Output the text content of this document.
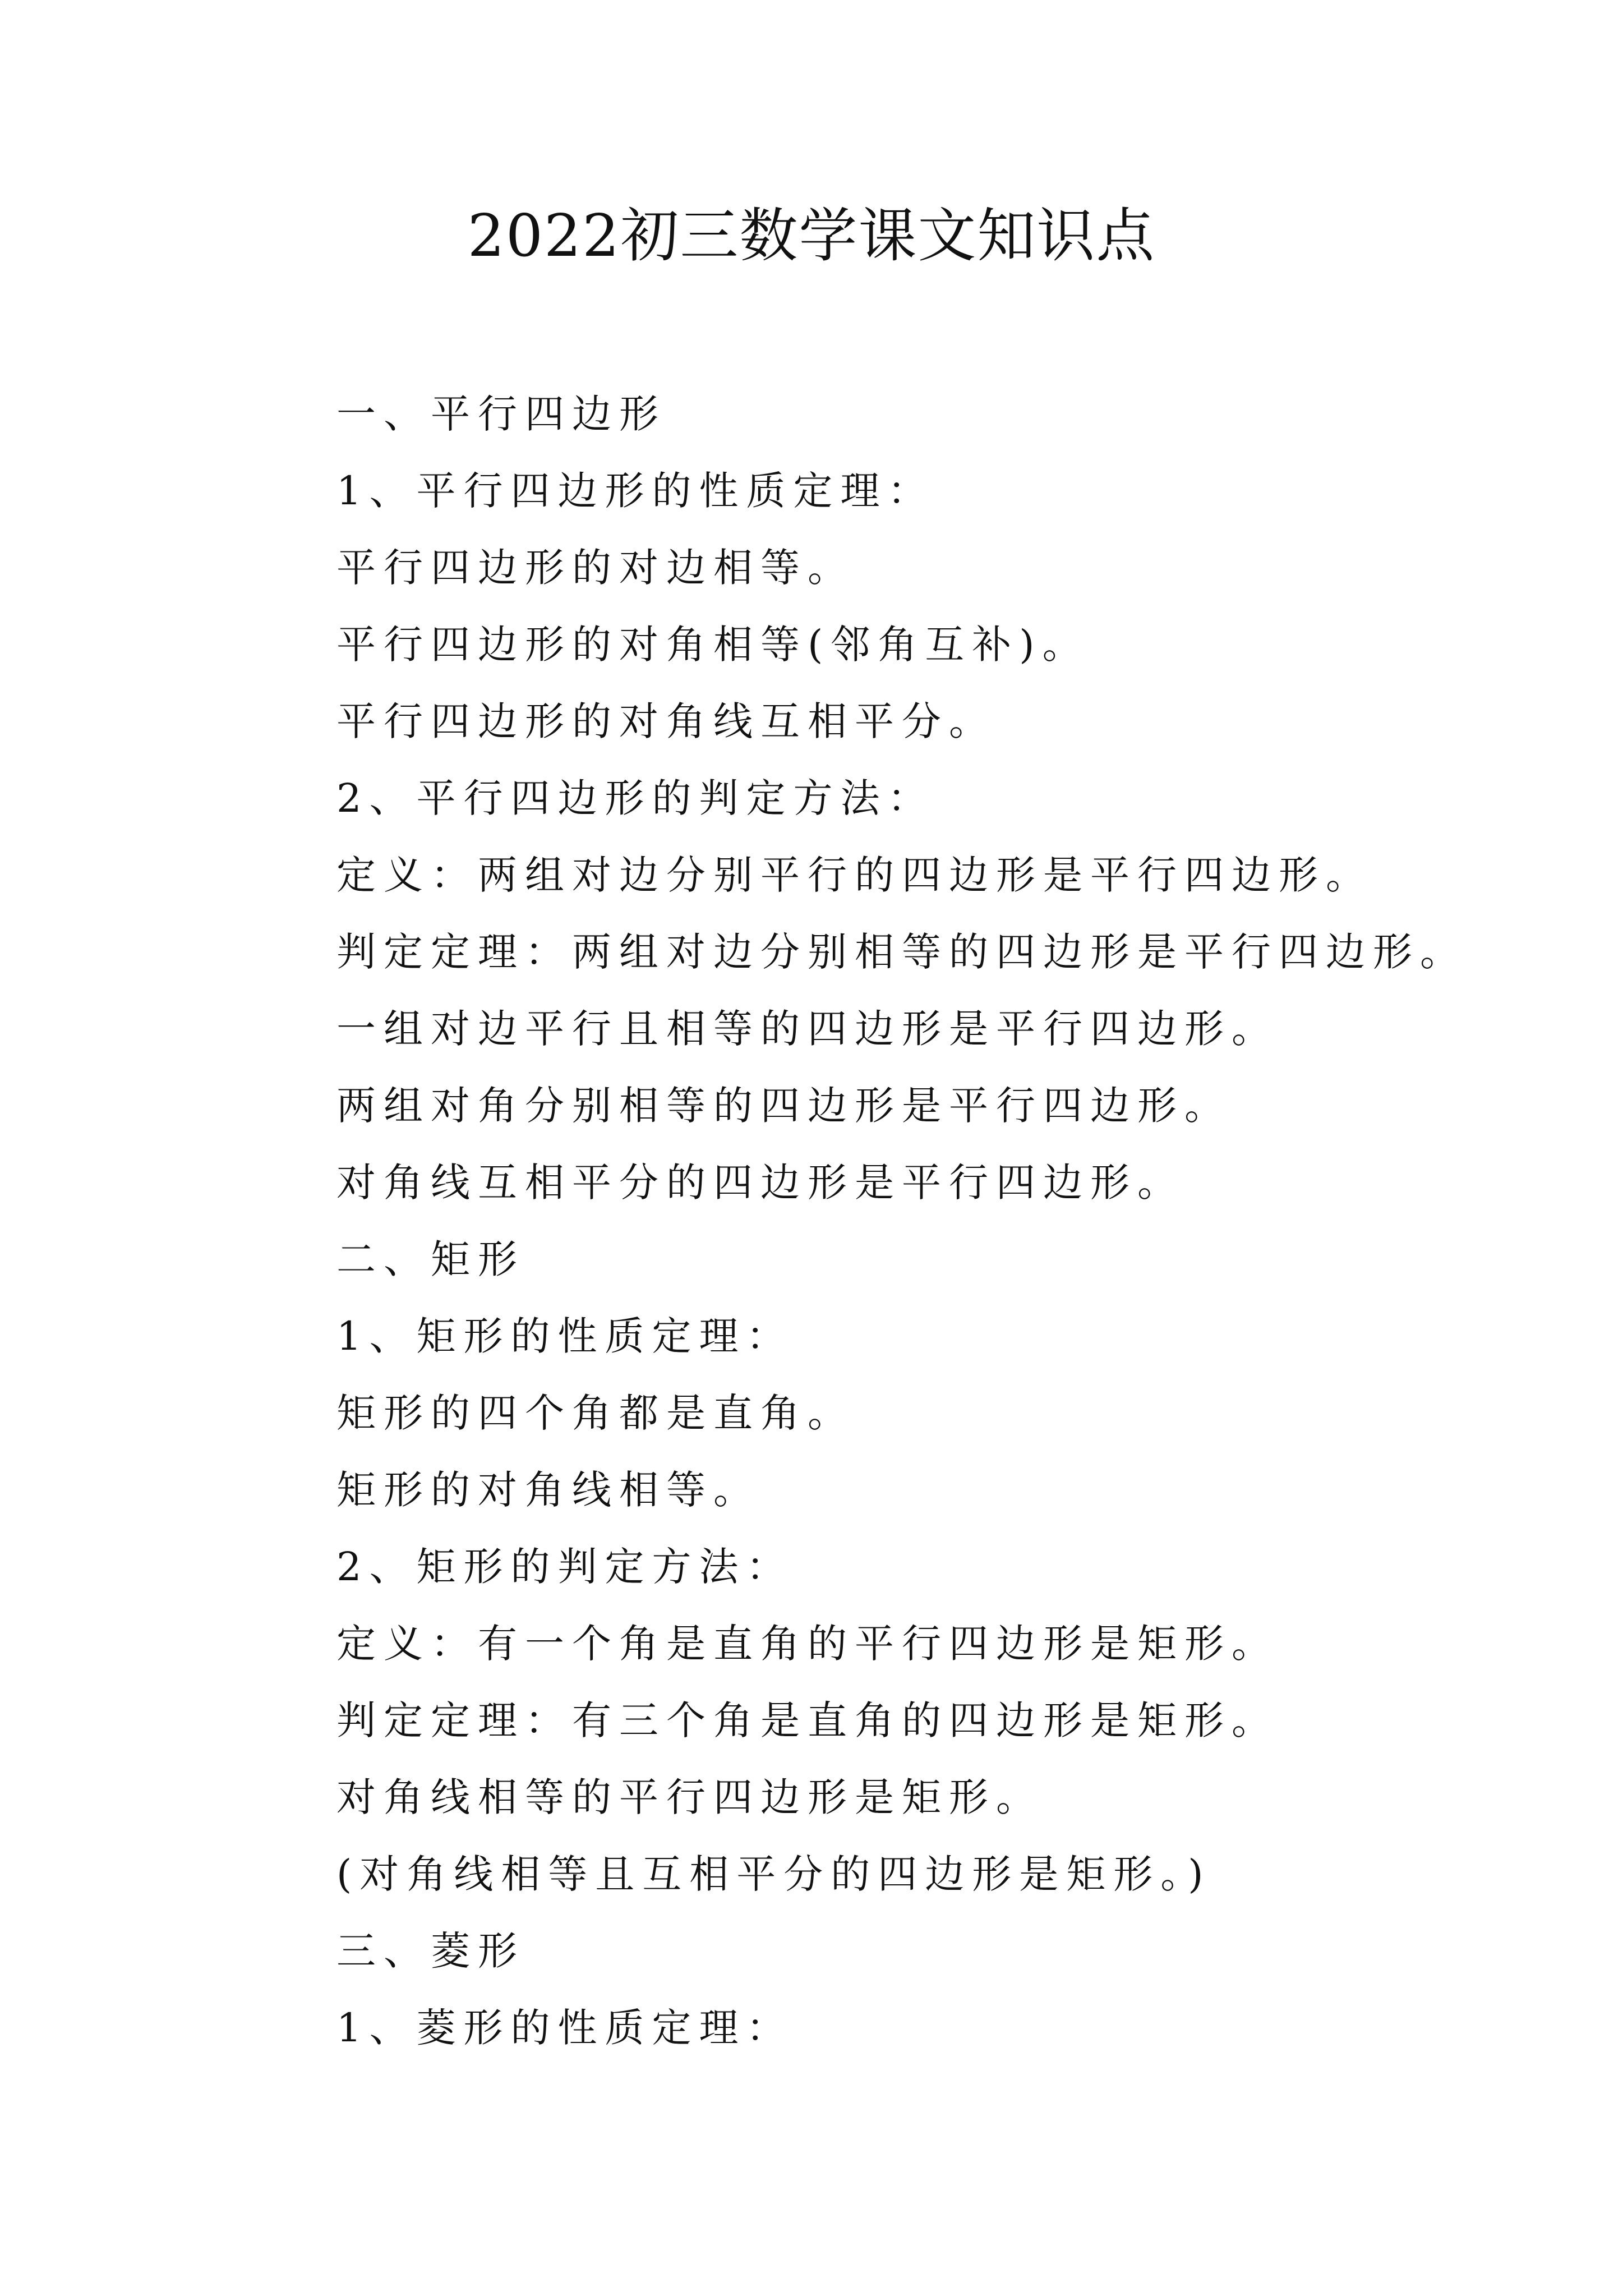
2022初三数学课文知识点
一、平行四边形
1、平行四边形的性质定理：
平行四边形的对边相等。
平行四边形的对角相等(邻角互补)。
平行四边形的对角线互相平分。
2、平行四边形的判定方法：
定义：两组对边分别平行的四边形是平行四边形。
判定定理：两组对边分别相等的四边形是平行四边形。
一组对边平行且相等的四边形是平行四边形。
两组对角分别相等的四边形是平行四边形。
对角线互相平分的四边形是平行四边形。
二、矩形
1、矩形的性质定理：
矩形的四个角都是直角。
矩形的对角线相等。
2、矩形的判定方法：
定义：有一个角是直角的平行四边形是矩形。
判定定理：有三个角是直角的四边形是矩形。
对角线相等的平行四边形是矩形。
(对角线相等且互相平分的四边形是矩形。)
三、菱形
1、菱形的性质定理：
